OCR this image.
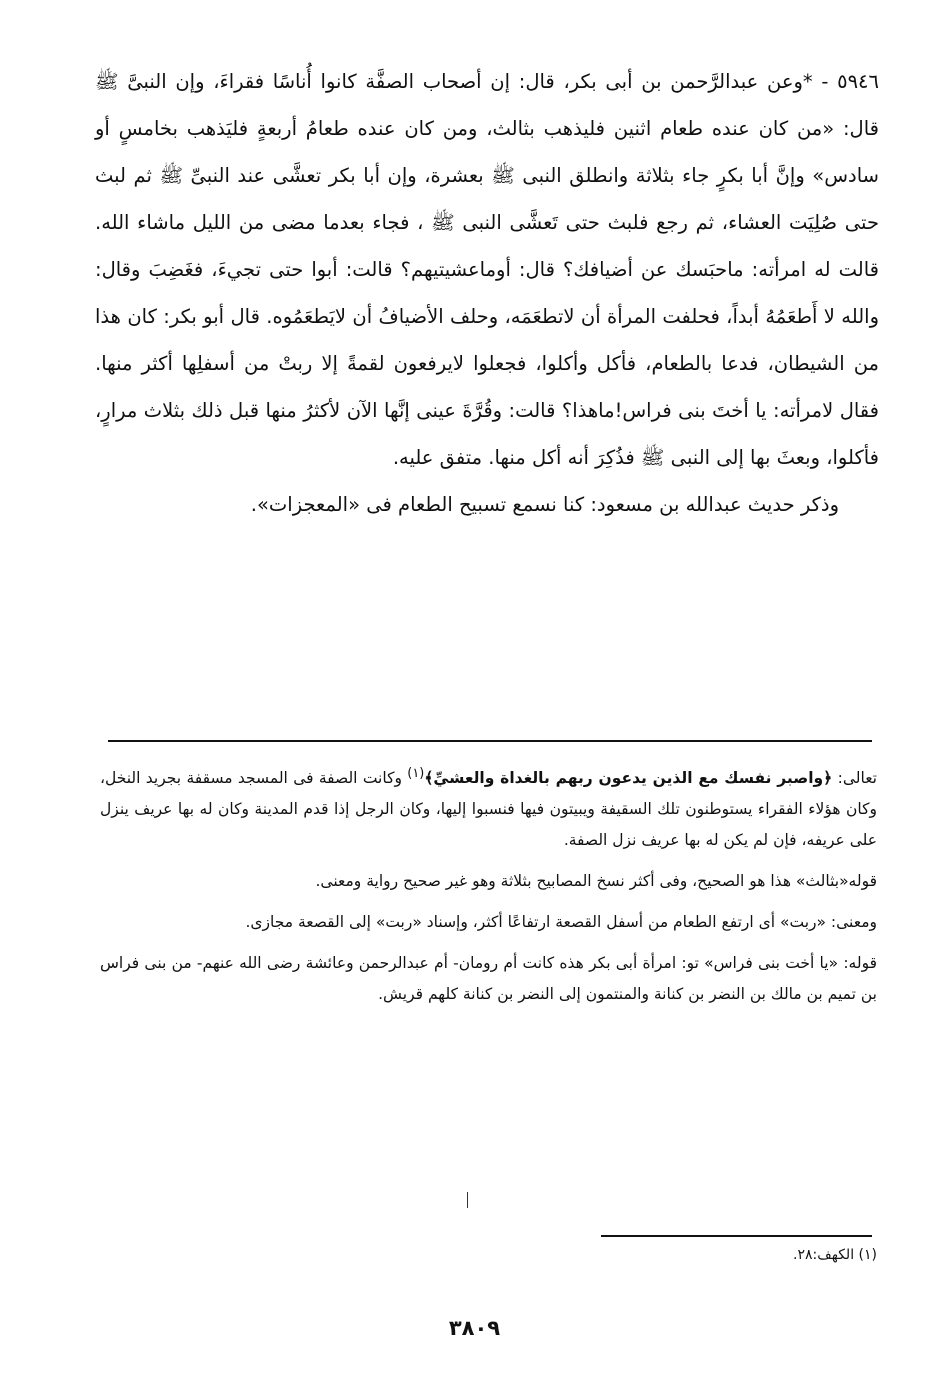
٥٩٤٦ - *وعن عبدالرَّحمن بن أبى بكر، قال: إن أصحاب الصفَّة كانوا أُناسًا فقراءَ، وإن النبىَّ ﷺ قال: «من كان عنده طعام اثنين فليذهب بثالث، ومن كان عنده طعامُ أربعةٍ فليَذهب بخامسٍ أو سادس» وإنَّ أبا بكرٍ جاء بثلاثة وانطلق النبى ﷺ بعشرة، وإن أبا بكر تعشَّى عند النبىِّ ﷺ ثم لبث حتى صُلِيَت العشاء، ثم رجع فلبث حتى تَعشَّى النبى ﷺ ، فجاء بعدما مضى من الليل ماشاء الله. قالت له امرأته: ماحبَسك عن أضيافك؟ قال: أوماعشيتيهم؟ قالت: أبوا حتى تجيءَ، فغَضِبَ وقال: والله لا أَطعَمُهُ أبداً، فحلفت المرأة أن لاتطعَمَه، وحلف الأضيافُ أن لايَطعَمُوه. قال أبو بكر: كان هذا من الشيطان، فدعا بالطعام، فأكل وأكلوا، فجعلوا لايرفعون لقمةً إلا ربتْ من أسفلِها أكثر منها. فقال لامرأته: يا أختَ بنى فراس!ماهذا؟ قالت: وقُرَّةَ عينى إنَّها الآن لأكثرُ منها قبل ذلك بثلاث مرارٍ، فأكلوا، وبعثَ بها إلى النبى ﷺ فذُكِرَ أنه أكل منها. متفق عليه.

وذكر حديث عبدالله بن مسعود: كنا نسمع تسبيح الطعام فى «المعجزات».

تعالى: ﴿واصبر نفسك مع الذين يدعون ربهم بالغداة والعشيِّ﴾$^{(١)}$ وكانت الصفة فى المسجد مسقفة بجريد النخل، وكان هؤلاء الفقراء يستوطنون تلك السقيفة ويبيتون فيها فنسبوا إليها، وكان الرجل إذا قدم المدينة وكان له بها عريف ينزل على عريفه، فإن لم يكن له بها عريف نزل الصفة.

قوله«بثالث» هذا هو الصحيح، وفى أكثر نسخ المصابيح بثلاثة وهو غير صحيح رواية ومعنى.

ومعنى: «ربت» أى ارتفع الطعام من أسفل القصعة ارتفاعًا أكثر، وإسناد «ربت» إلى القصعة مجازى.

قوله: «يا أخت بنى فراس» تو: امرأة أبى بكر هذه كانت أم رومان- أم عبدالرحمن وعائشة رضى الله عنهم- من بنى فراس بن تميم بن مالك بن النضر بن كنانة والمنتمون إلى النضر بن كنانة كلهم قريش.

(١) الكهف:٢٨.
٣٨٠٩
